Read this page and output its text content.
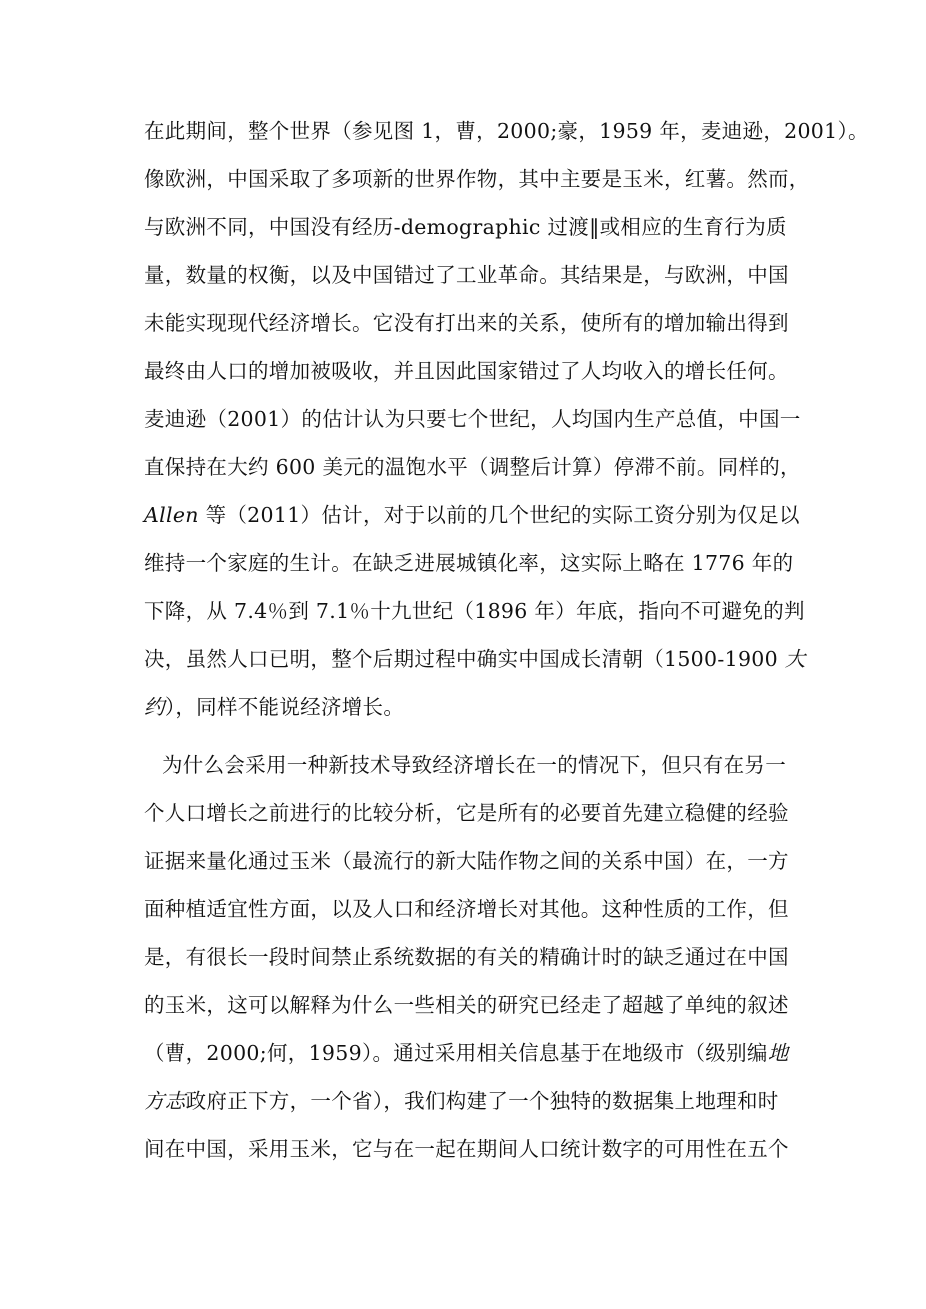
在此期间，整个世界（参见图 1，曹，2000;豪，1959 年，麦迪逊，2001）。
像欧洲，中国采取了多项新的世界作物，其中主要是玉米，红薯。然而，
与欧洲不同，中国没有经历-demographic 过渡‖或相应的生育行为质
量，数量的权衡，以及中国错过了工业革命。其结果是，与欧洲，中国
未能实现现代经济增长。它没有打出来的关系，使所有的增加输出得到
最终由人口的增加被吸收，并且因此国家错过了人均收入的增长任何。
麦迪逊（2001）的估计认为只要七个世纪，人均国内生产总值，中国一
直保持在大约 600 美元的温饱水平（调整后计算）停滞不前。同样的，
Allen 等（2011）估计，对于以前的几个世纪的实际工资分别为仅足以
维持一个家庭的生计。在缺乏进展城镇化率，这实际上略在 1776 年的
下降，从 7.4％到 7.1％十九世纪（1896 年）年底，指向不可避免的判
决，虽然人口已明，整个后期过程中确实中国成长清朝（1500-1900 大
约），同样不能说经济增长。
为什么会采用一种新技术导致经济增长在一的情况下，但只有在另一
个人口增长之前进行的比较分析，它是所有的必要首先建立稳健的经验
证据来量化通过玉米（最流行的新大陆作物之间的关系中国）在，一方
面种植适宜性方面，以及人口和经济增长对其他。这种性质的工作，但
是，有很长一段时间禁止系统数据的有关的精确计时的缺乏通过在中国
的玉米，这可以解释为什么一些相关的研究已经走了超越了单纯的叙述
（曹，2000;何，1959）。通过采用相关信息基于在地级市（级别编地
方志政府正下方，一个省），我们构建了一个独特的数据集上地理和时
间在中国，采用玉米，它与在一起在期间人口统计数字的可用性在五个
